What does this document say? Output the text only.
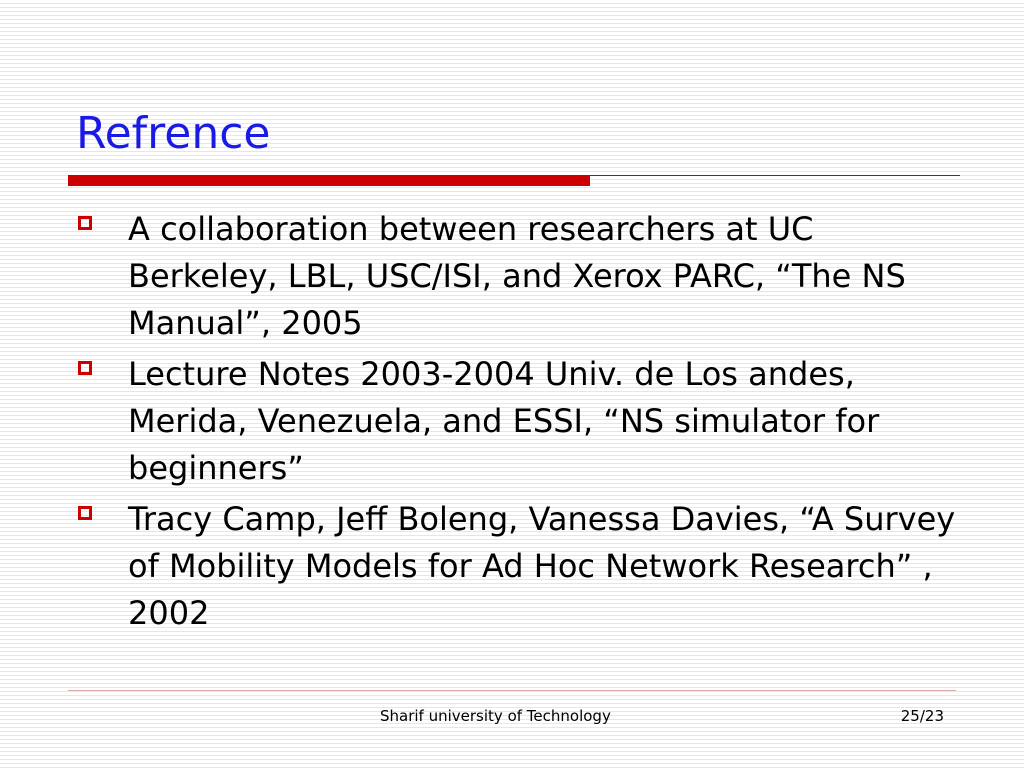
Refrence
A collaboration between researchers at UC Berkeley, LBL, USC/ISI, and Xerox PARC, “The NS Manual”, 2005
Lecture Notes 2003-2004 Univ. de Los andes, Merida, Venezuela, and ESSI, “NS simulator for beginners”
Tracy Camp, Jeff Boleng, Vanessa Davies, “A Survey of Mobility Models for Ad Hoc Network Research” , 2002
Sharif university of Technology	25/23
